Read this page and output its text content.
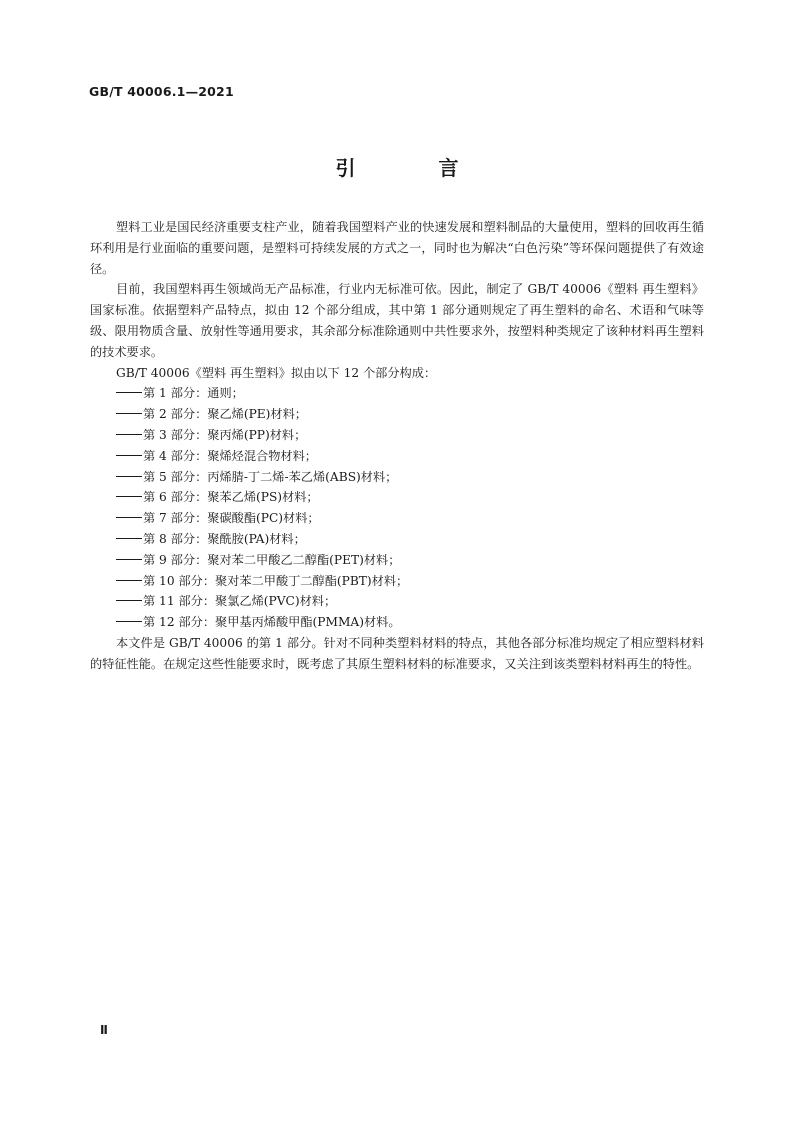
GB/T 40006.1—2021
引 言

塑料工业是国民经济重要支柱产业，随着我国塑料产业的快速发展和塑料制品的大量使用，塑料的回收再生循环利用是行业面临的重要问题，是塑料可持续发展的方式之一，同时也为解决“白色污染”等环保问题提供了有效途径。

目前，我国塑料再生领域尚无产品标准，行业内无标准可依。因此，制定了 GB/T 40006《塑料 再生塑料》国家标准。依据塑料产品特点，拟由 12 个部分组成，其中第 1 部分通则规定了再生塑料的命名、术语和气味等级、限用物质含量、放射性等通用要求，其余部分标准除通则中共性要求外，按塑料种类规定了该种材料再生塑料的技术要求。

GB/T 40006《塑料 再生塑料》拟由以下 12 个部分构成：

第 1 部分：通则；

第 2 部分：聚乙烯(PE)材料；

第 3 部分：聚丙烯(PP)材料；

第 4 部分：聚烯烃混合物材料；

第 5 部分：丙烯腈-丁二烯-苯乙烯(ABS)材料；

第 6 部分：聚苯乙烯(PS)材料；

第 7 部分：聚碳酸酯(PC)材料；

第 8 部分：聚酰胺(PA)材料；

第 9 部分：聚对苯二甲酸乙二醇酯(PET)材料；

第 10 部分：聚对苯二甲酸丁二醇酯(PBT)材料；

第 11 部分：聚氯乙烯(PVC)材料；

第 12 部分：聚甲基丙烯酸甲酯(PMMA)材料。

本文件是 GB/T 40006 的第 1 部分。针对不同种类塑料材料的特点，其他各部分标准均规定了相应塑料材料的特征性能。在规定这些性能要求时，既考虑了其原生塑料材料的标准要求，又关注到该类塑料材料再生的特性。

Ⅱ
